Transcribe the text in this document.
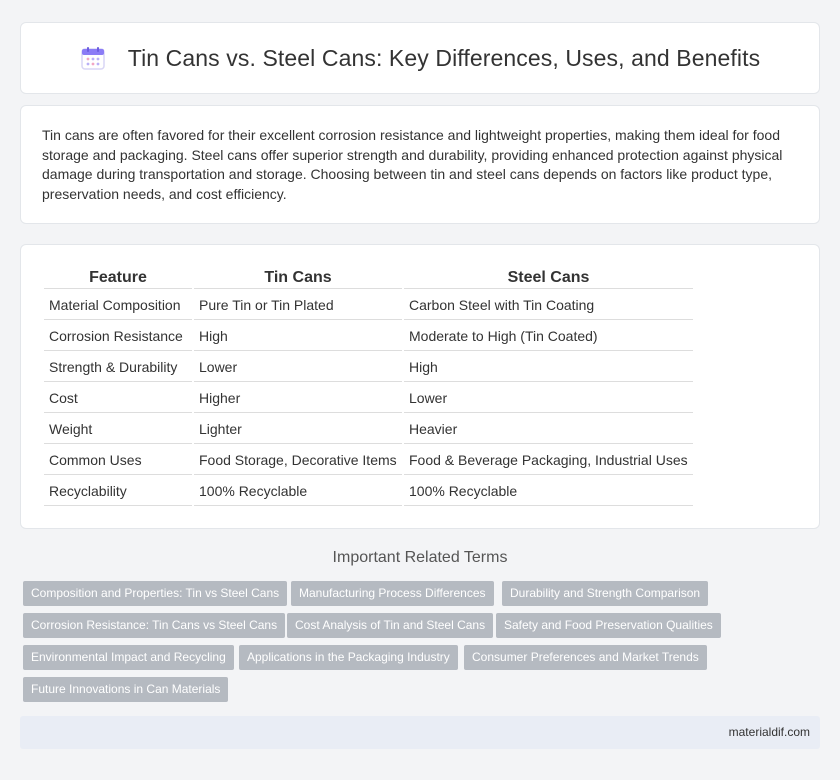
Tin Cans vs. Steel Cans: Key Differences, Uses, and Benefits

Tin cans are often favored for their excellent corrosion resistance and lightweight properties, making them ideal for food storage and packaging. Steel cans offer superior strength and durability, providing enhanced protection against physical damage during transportation and storage. Choosing between tin and steel cans depends on factors like product type, preservation needs, and cost efficiency.

Feature	Tin Cans	Steel Cans
Material Composition	Pure Tin or Tin Plated	Carbon Steel with Tin Coating
Corrosion Resistance	High	Moderate to High (Tin Coated)
Strength & Durability	Lower	High
Cost	Higher	Lower
Weight	Lighter	Heavier
Common Uses	Food Storage, Decorative Items	Food & Beverage Packaging, Industrial Uses
Recyclability	100% Recyclable	100% Recyclable
Important Related Terms
Composition and Properties: Tin vs Steel Cans	Manufacturing Process Differences	Durability and Strength Comparison
Corrosion Resistance: Tin Cans vs Steel Cans	Cost Analysis of Tin and Steel Cans	Safety and Food Preservation Qualities
Environmental Impact and Recycling	Applications in the Packaging Industry	Consumer Preferences and Market Trends
Future Innovations in Can Materials
materialdif.com
